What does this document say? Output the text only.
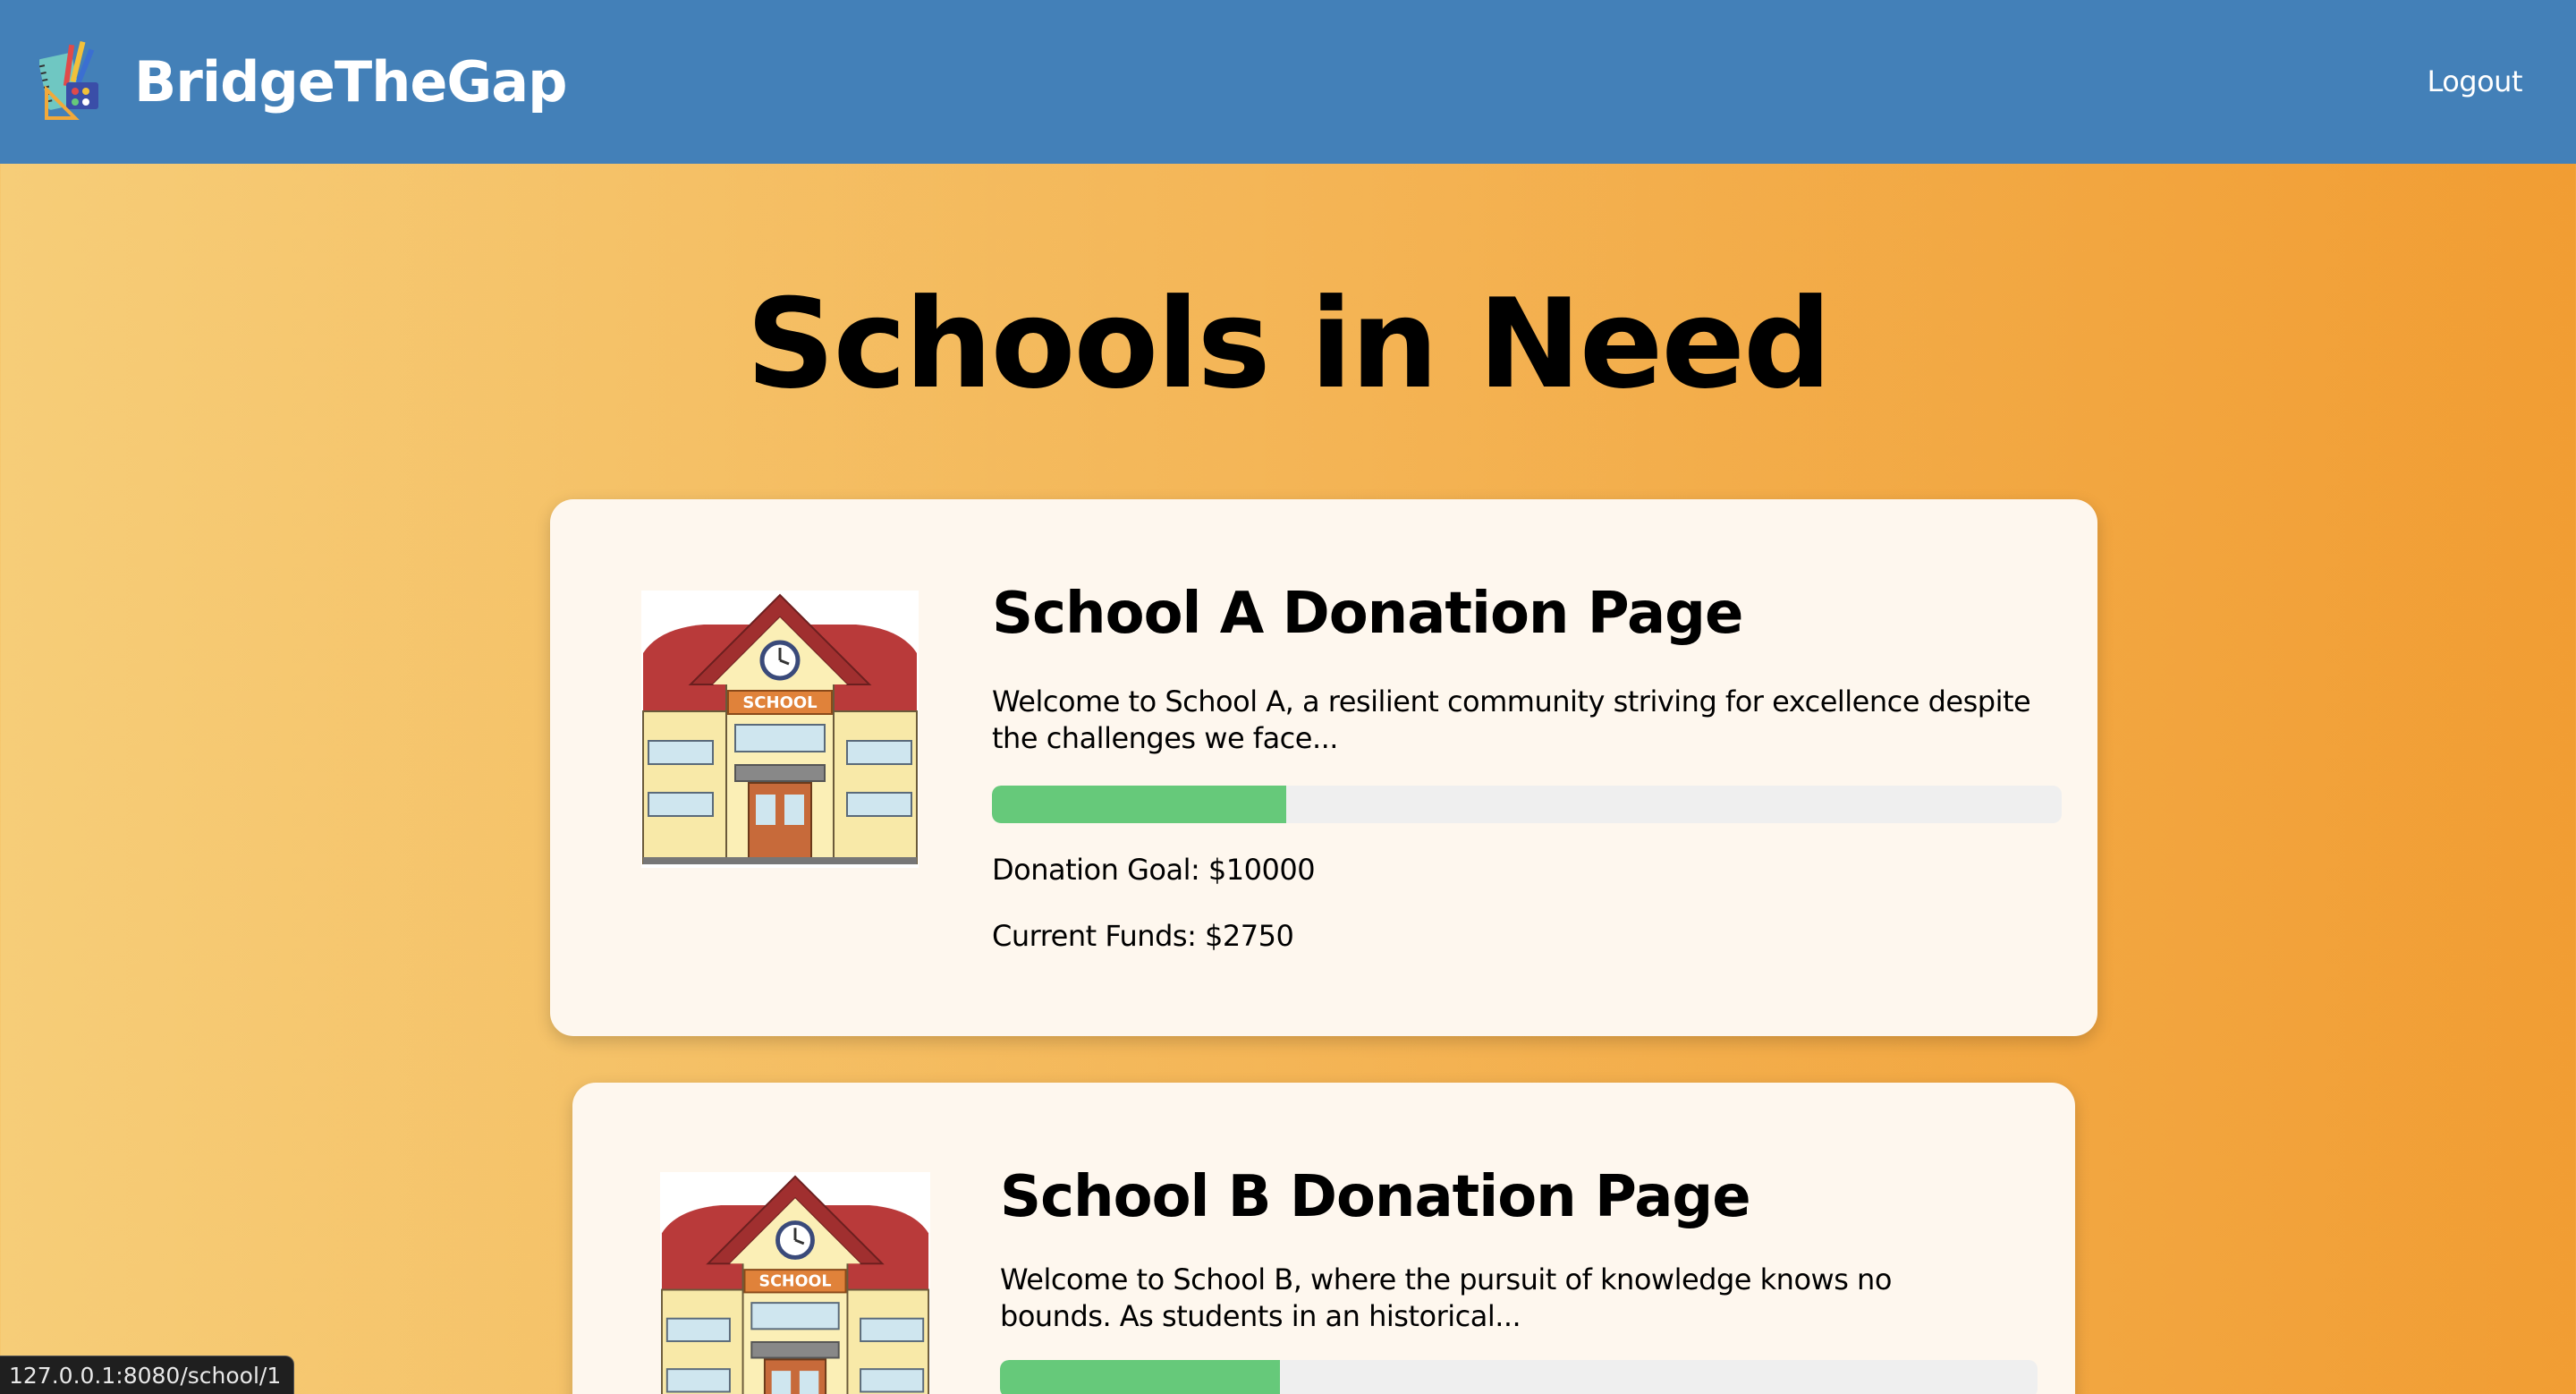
BridgeTheGap	Logout
Schools in Need
SCHOOL
School A Donation Page

Welcome to School A, a resilient community striving for excellence despite the challenges we face...

Donation Goal: $10000

Current Funds: $2750

SCHOOL
School B Donation Page

Welcome to School B, where the pursuit of knowledge knows no bounds. As students in an historical...

127.0.0.1:8080/school/1
